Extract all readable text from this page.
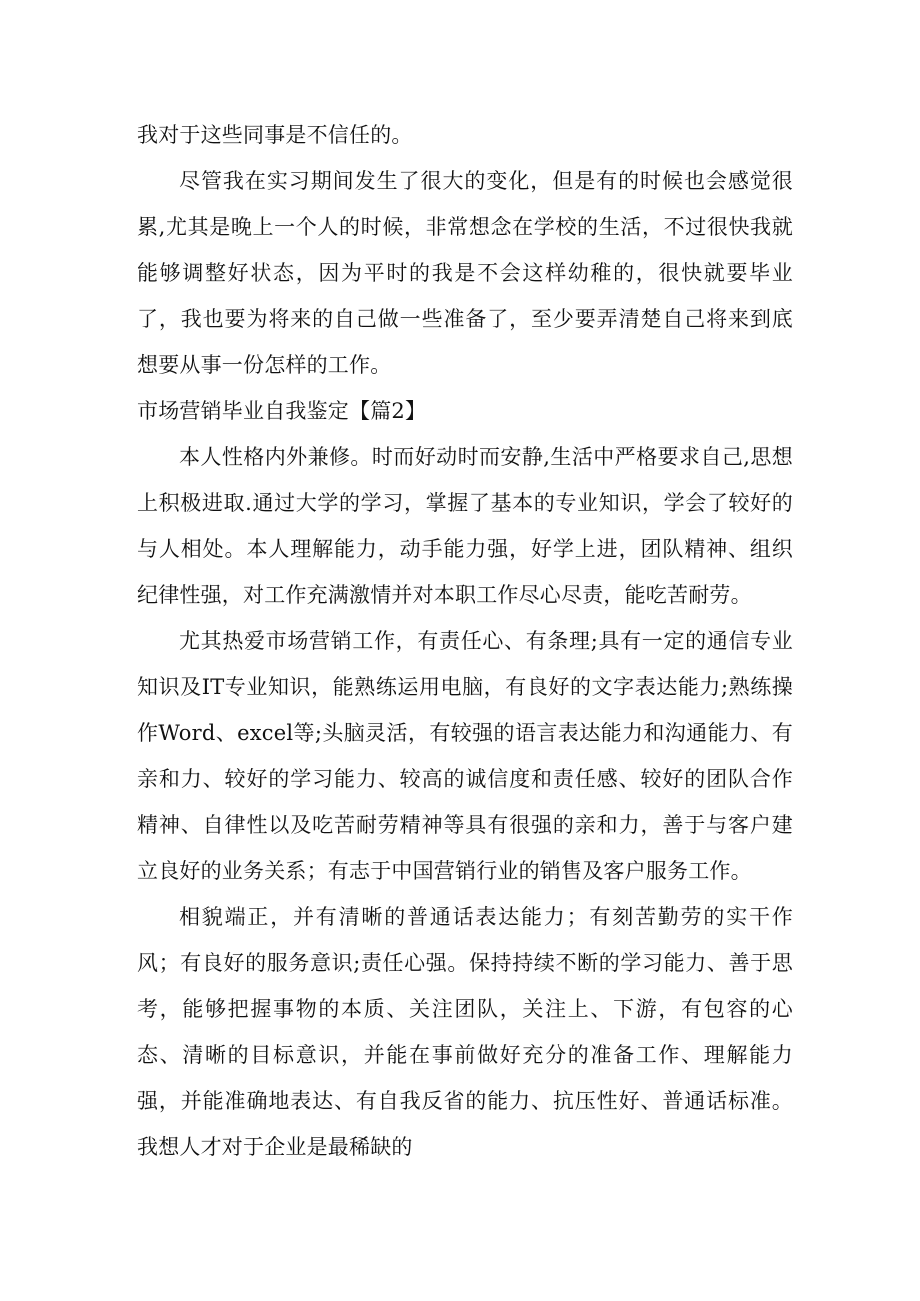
我对于这些同事是不信任的。

尽管我在实习期间发生了很大的变化，但是有的时候也会感觉很累,尤其是晚上一个人的时候，非常想念在学校的生活，不过很快我就能够调整好状态，因为平时的我是不会这样幼稚的，很快就要毕业了，我也要为将来的自己做一些准备了，至少要弄清楚自己将来到底想要从事一份怎样的工作。

市场营销毕业自我鉴定【篇2】

本人性格内外兼修。时而好动时而安静,生活中严格要求自己,思想上积极进取.通过大学的学习，掌握了基本的专业知识，学会了较好的与人相处。本人理解能力，动手能力强，好学上进，团队精神、组织纪律性强，对工作充满激情并对本职工作尽心尽责，能吃苦耐劳。

尤其热爱市场营销工作，有责任心、有条理;具有一定的通信专业知识及IT专业知识，能熟练运用电脑，有良好的文字表达能力;熟练操作Word、excel等;头脑灵活，有较强的语言表达能力和沟通能力、有亲和力、较好的学习能力、较高的诚信度和责任感、较好的团队合作精神、自律性以及吃苦耐劳精神等具有很强的亲和力，善于与客户建立良好的业务关系；有志于中国营销行业的销售及客户服务工作。

相貌端正，并有清晰的普通话表达能力；有刻苦勤劳的实干作风；有良好的服务意识;责任心强。保持持续不断的学习能力、善于思考，能够把握事物的本质、关注团队，关注上、下游，有包容的心态、清晰的目标意识，并能在事前做好充分的准备工作、理解能力强，并能准确地表达、有自我反省的能力、抗压性好、普通话标准。我想人才对于企业是最稀缺的
